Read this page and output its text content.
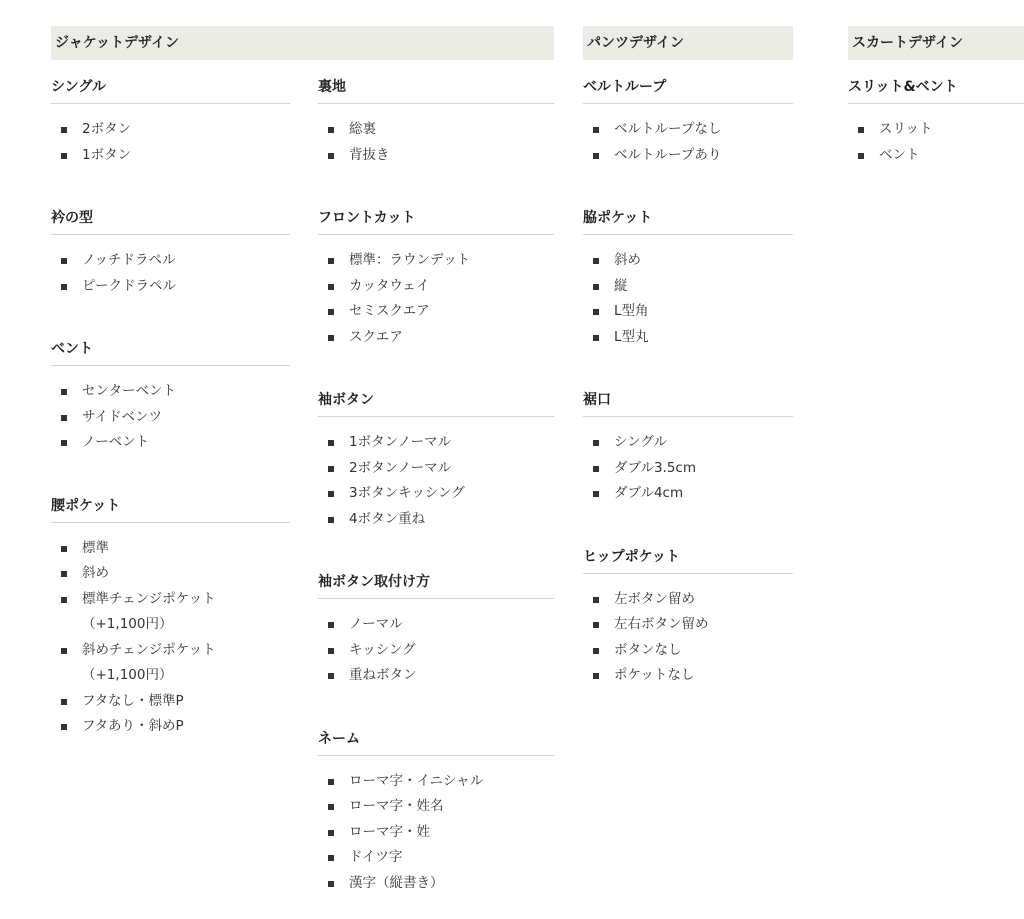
ジャケットデザイン	パンツデザイン	スカートデザイン
シングル
2ボタン
1ボタン
衿の型
ノッチドラペル
ピークドラペル
ベント
センターベント
サイドベンツ
ノーベント
腰ポケット
標準
斜め
標準チェンジポケット
（+1,100円）
斜めチェンジポケット
（+1,100円）
フタなし・標準P
フタあり・斜めP
裏地
総裏
背抜き
フロントカット
標準：ラウンデット
カッタウェイ
セミスクエア
スクエア
袖ボタン
1ボタンノーマル
2ボタンノーマル
3ボタンキッシング
4ボタン重ね
袖ボタン取付け方
ノーマル
キッシング
重ねボタン
ネーム
ローマ字・イニシャル
ローマ字・姓名
ローマ字・姓
ドイツ字
漢字（縦書き）
ベルトループ
ベルトループなし
ベルトループあり
脇ポケット
斜め
縦
L型角
L型丸
裾口
シングル
ダブル3.5cm
ダブル4cm
ヒップポケット
左ボタン留め
左右ボタン留め
ボタンなし
ポケットなし
スリット&ベント
スリット
ベント
